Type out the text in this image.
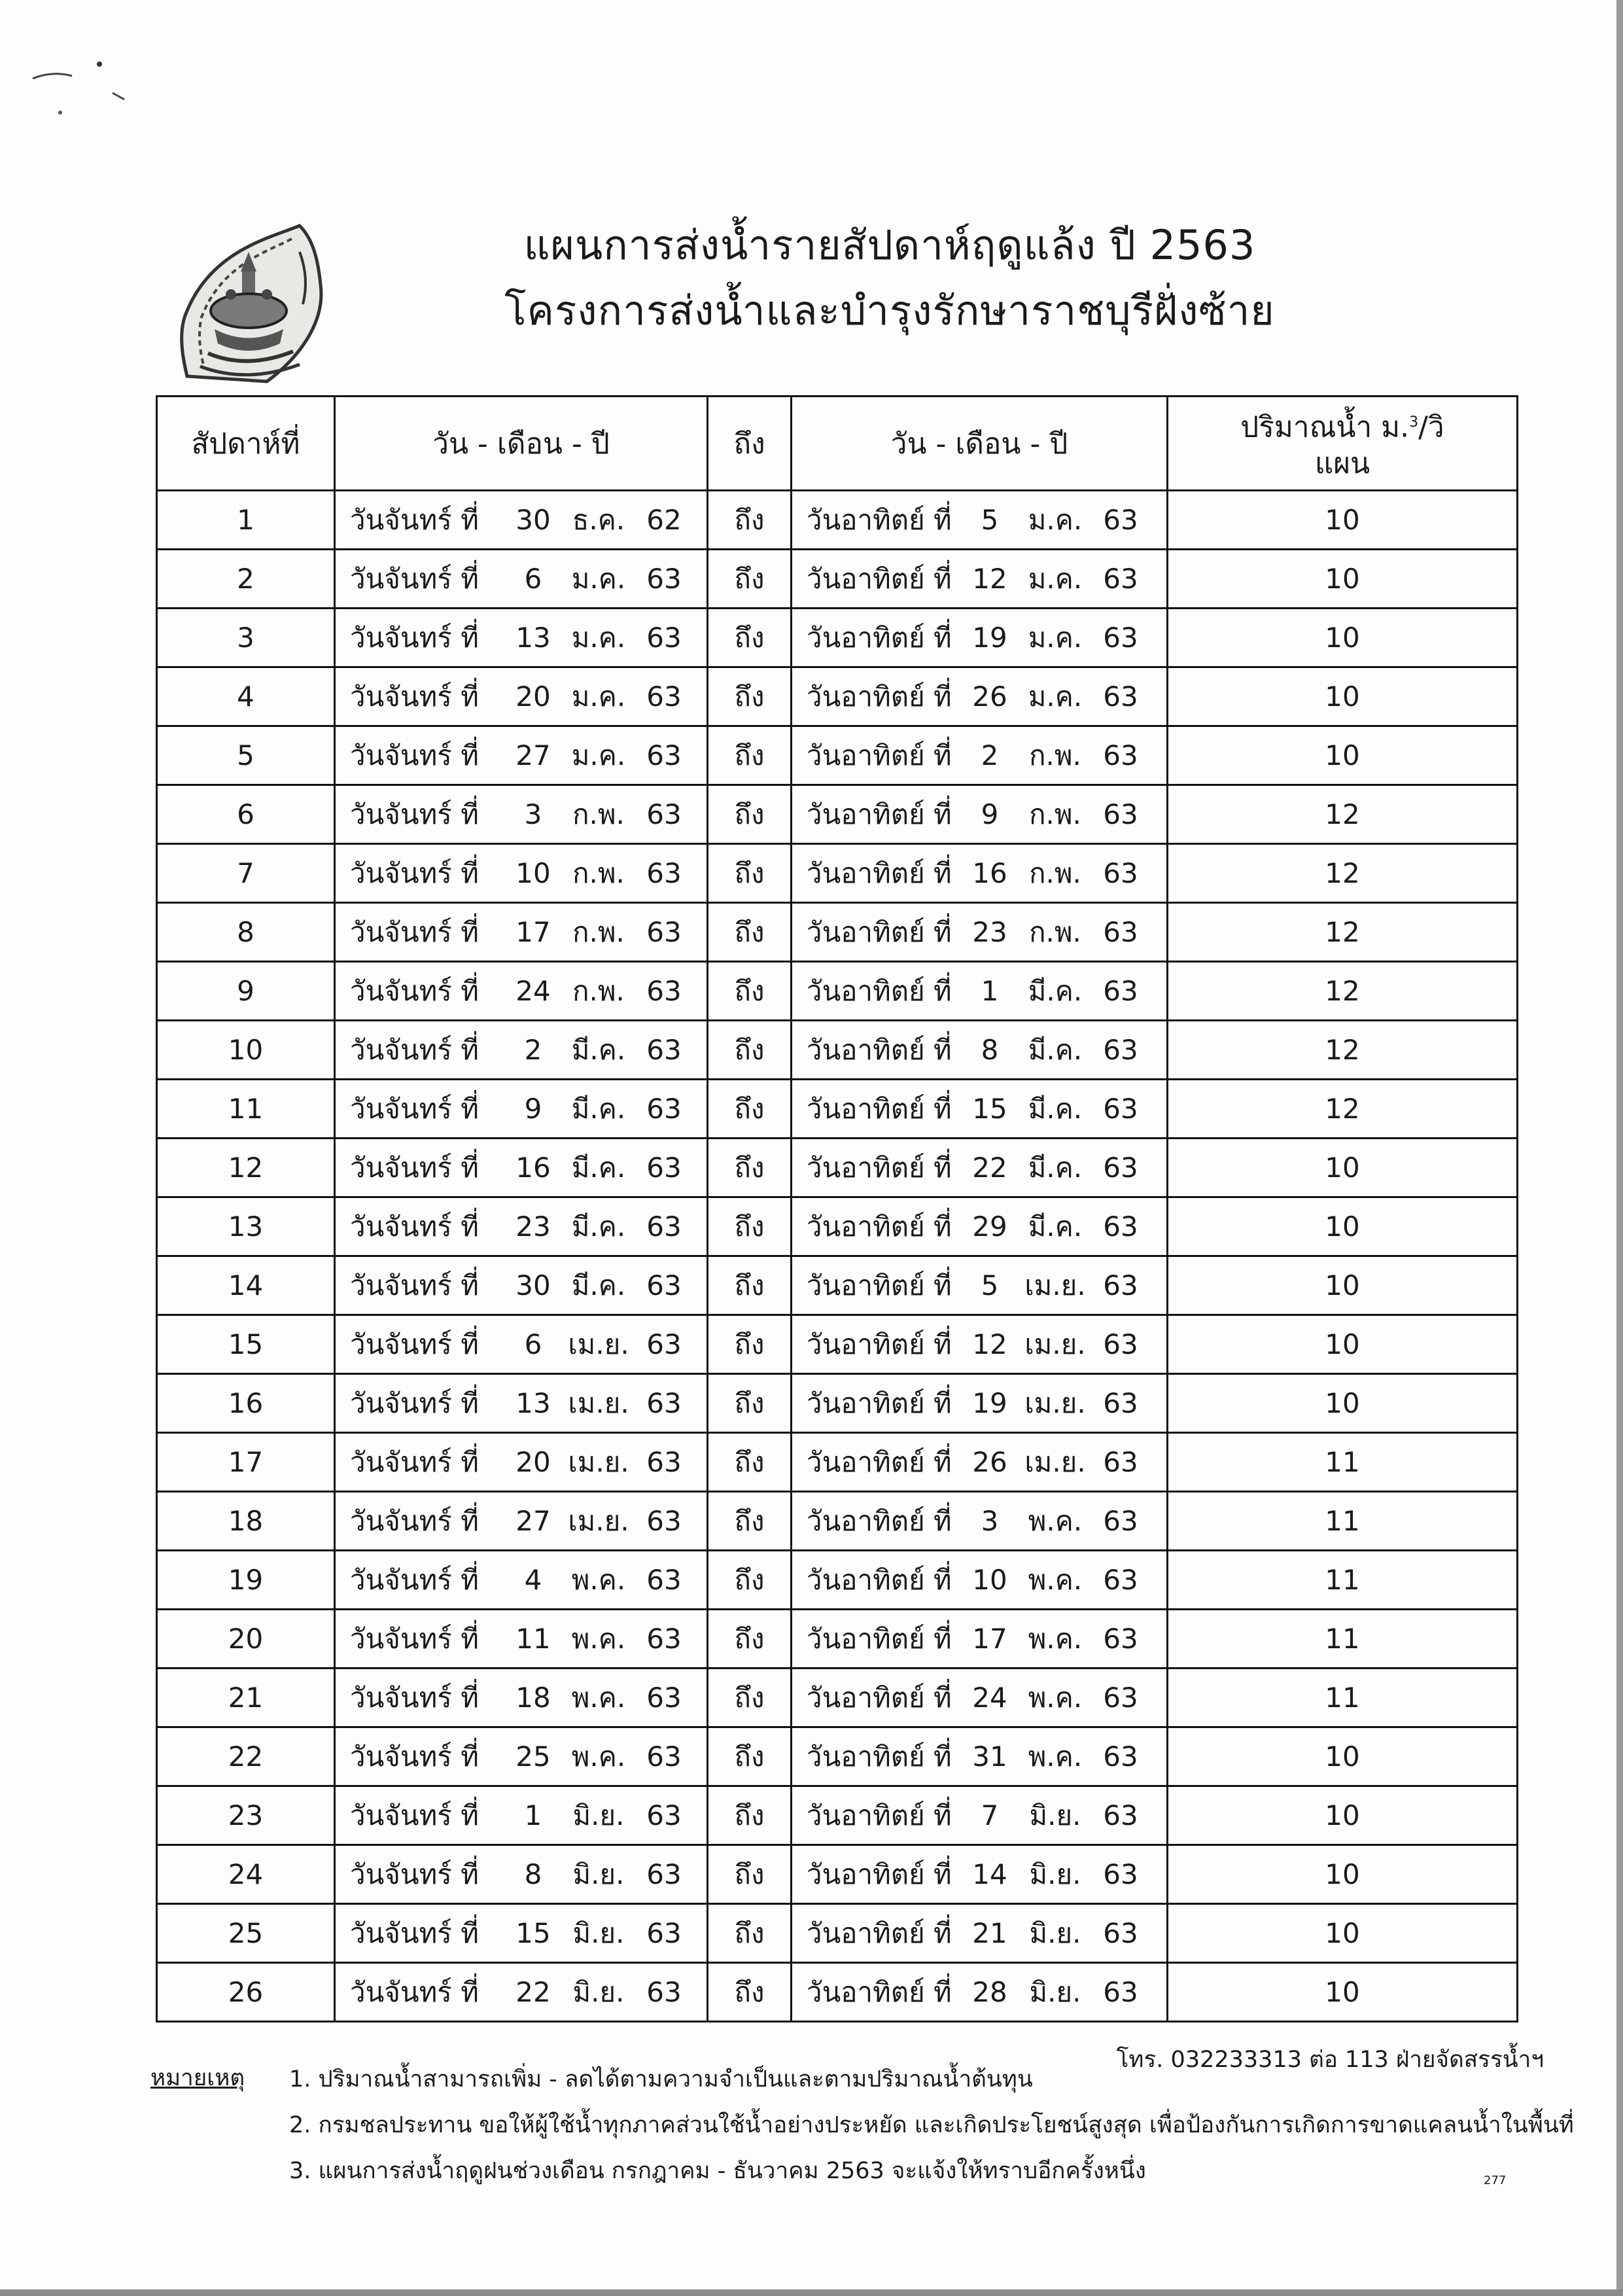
แผนการส่งน้ำรายสัปดาห์ฤดูแล้ง ปี 2563
โครงการส่งน้ำและบำรุงรักษาราชบุรีฝั่งซ้าย
สัปดาห์ที่	วัน - เดือน - ปี	ถึง	วัน - เดือน - ปี	ปริมาณน้ำ ม.$^3$/วิ
แผน

1	วันจันทร์ ที่ 30 ธ.ค. 62	ถึง	วันอาทิตย์ ที่ 5 ม.ค. 63	10
2	วันจันทร์ ที่ 6 ม.ค. 63	ถึง	วันอาทิตย์ ที่ 12 ม.ค. 63	10
3	วันจันทร์ ที่ 13 ม.ค. 63	ถึง	วันอาทิตย์ ที่ 19 ม.ค. 63	10
4	วันจันทร์ ที่ 20 ม.ค. 63	ถึง	วันอาทิตย์ ที่ 26 ม.ค. 63	10
5	วันจันทร์ ที่ 27 ม.ค. 63	ถึง	วันอาทิตย์ ที่ 2 ก.พ. 63	10
6	วันจันทร์ ที่ 3 ก.พ. 63	ถึง	วันอาทิตย์ ที่ 9 ก.พ. 63	12
7	วันจันทร์ ที่ 10 ก.พ. 63	ถึง	วันอาทิตย์ ที่ 16 ก.พ. 63	12
8	วันจันทร์ ที่ 17 ก.พ. 63	ถึง	วันอาทิตย์ ที่ 23 ก.พ. 63	12
9	วันจันทร์ ที่ 24 ก.พ. 63	ถึง	วันอาทิตย์ ที่ 1 มี.ค. 63	12
10	วันจันทร์ ที่ 2 มี.ค. 63	ถึง	วันอาทิตย์ ที่ 8 มี.ค. 63	12
11	วันจันทร์ ที่ 9 มี.ค. 63	ถึง	วันอาทิตย์ ที่ 15 มี.ค. 63	12
12	วันจันทร์ ที่ 16 มี.ค. 63	ถึง	วันอาทิตย์ ที่ 22 มี.ค. 63	10
13	วันจันทร์ ที่ 23 มี.ค. 63	ถึง	วันอาทิตย์ ที่ 29 มี.ค. 63	10
14	วันจันทร์ ที่ 30 มี.ค. 63	ถึง	วันอาทิตย์ ที่ 5 เม.ย. 63	10
15	วันจันทร์ ที่ 6 เม.ย. 63	ถึง	วันอาทิตย์ ที่ 12 เม.ย. 63	10
16	วันจันทร์ ที่ 13 เม.ย. 63	ถึง	วันอาทิตย์ ที่ 19 เม.ย. 63	10
17	วันจันทร์ ที่ 20 เม.ย. 63	ถึง	วันอาทิตย์ ที่ 26 เม.ย. 63	11
18	วันจันทร์ ที่ 27 เม.ย. 63	ถึง	วันอาทิตย์ ที่ 3 พ.ค. 63	11
19	วันจันทร์ ที่ 4 พ.ค. 63	ถึง	วันอาทิตย์ ที่ 10 พ.ค. 63	11
20	วันจันทร์ ที่ 11 พ.ค. 63	ถึง	วันอาทิตย์ ที่ 17 พ.ค. 63	11
21	วันจันทร์ ที่ 18 พ.ค. 63	ถึง	วันอาทิตย์ ที่ 24 พ.ค. 63	11
22	วันจันทร์ ที่ 25 พ.ค. 63	ถึง	วันอาทิตย์ ที่ 31 พ.ค. 63	10
23	วันจันทร์ ที่ 1 มิ.ย. 63	ถึง	วันอาทิตย์ ที่ 7 มิ.ย. 63	10
24	วันจันทร์ ที่ 8 มิ.ย. 63	ถึง	วันอาทิตย์ ที่ 14 มิ.ย. 63	10
25	วันจันทร์ ที่ 15 มิ.ย. 63	ถึง	วันอาทิตย์ ที่ 21 มิ.ย. 63	10
26	วันจันทร์ ที่ 22 มิ.ย. 63	ถึง	วันอาทิตย์ ที่ 28 มิ.ย. 63	10
หมายเหตุ
โทร. 032233313 ต่อ 113 ฝ่ายจัดสรรน้ำฯ
1. ปริมาณน้ำสามารถเพิ่ม - ลดได้ตามความจำเป็นและตามปริมาณน้ำต้นทุน
2. กรมชลประทาน ขอให้ผู้ใช้น้ำทุกภาคส่วนใช้น้ำอย่างประหยัด และเกิดประโยชน์สูงสุด เพื่อป้องกันการเกิดการขาดแคลนน้ำในพื้นที่
3. แผนการส่งน้ำฤดูฝนช่วงเดือน กรกฎาคม - ธันวาคม 2563 จะแจ้งให้ทราบอีกครั้งหนึ่ง	277
